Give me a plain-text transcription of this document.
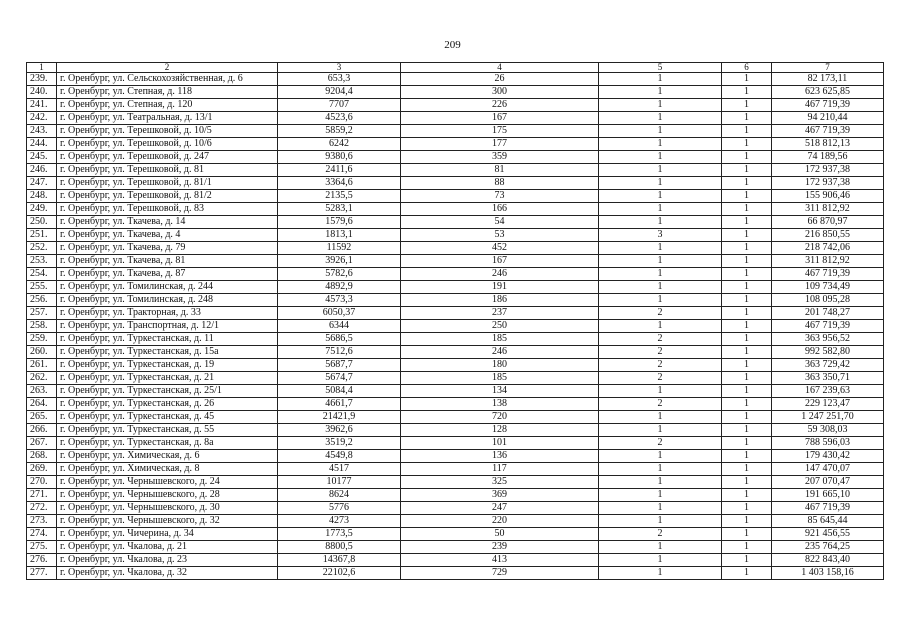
209
1	2	3	4	5	6	7
239.	г. Оренбург, ул. Сельскохозяйственная, д. 6	653,3	26	1	1	82 173,11
240.	г. Оренбург, ул. Степная, д. 118	9204,4	300	1	1	623 625,85
241.	г. Оренбург, ул. Степная, д. 120	7707	226	1	1	467 719,39
242.	г. Оренбург, ул. Театральная, д. 13/1	4523,6	167	1	1	94 210,44
243.	г. Оренбург, ул. Терешковой, д. 10/5	5859,2	175	1	1	467 719,39
244.	г. Оренбург, ул. Терешковой, д. 10/6	6242	177	1	1	518 812,13
245.	г. Оренбург, ул. Терешковой, д. 247	9380,6	359	1	1	74 189,56
246.	г. Оренбург, ул. Терешковой, д. 81	2411,6	81	1	1	172 937,38
247.	г. Оренбург, ул. Терешковой, д. 81/1	3364,6	88	1	1	172 937,38
248.	г. Оренбург, ул. Терешковой, д. 81/2	2135,5	73	1	1	155 906,46
249.	г. Оренбург, ул. Терешковой, д. 83	5283,1	166	1	1	311 812,92
250.	г. Оренбург, ул. Ткачева, д. 14	1579,6	54	1	1	66 870,97
251.	г. Оренбург, ул. Ткачева, д. 4	1813,1	53	3	1	216 850,55
252.	г. Оренбург, ул. Ткачева, д. 79	11592	452	1	1	218 742,06
253.	г. Оренбург, ул. Ткачева, д. 81	3926,1	167	1	1	311 812,92
254.	г. Оренбург, ул. Ткачева, д. 87	5782,6	246	1	1	467 719,39
255.	г. Оренбург, ул. Томилинская, д. 244	4892,9	191	1	1	109 734,49
256.	г. Оренбург, ул. Томилинская, д. 248	4573,3	186	1	1	108 095,28
257.	г. Оренбург, ул. Тракторная, д. 33	6050,37	237	2	1	201 748,27
258.	г. Оренбург, ул. Транспортная, д. 12/1	6344	250	1	1	467 719,39
259.	г. Оренбург, ул. Туркестанская, д. 11	5686,5	185	2	1	363 956,52
260.	г. Оренбург, ул. Туркестанская, д. 15а	7512,6	246	2	1	992 582,80
261.	г. Оренбург, ул. Туркестанская, д. 19	5687,7	180	2	1	363 729,42
262.	г. Оренбург, ул. Туркестанская, д. 21	5674,7	185	2	1	363 350,71
263.	г. Оренбург, ул. Туркестанская, д. 25/1	5084,4	134	1	1	167 239,63
264.	г. Оренбург, ул. Туркестанская, д. 26	4661,7	138	2	1	229 123,47
265.	г. Оренбург, ул. Туркестанская, д. 45	21421,9	720	1	1	1 247 251,70
266.	г. Оренбург, ул. Туркестанская, д. 55	3962,6	128	1	1	59 308,03
267.	г. Оренбург, ул. Туркестанская, д. 8а	3519,2	101	2	1	788 596,03
268.	г. Оренбург, ул. Химическая, д. 6	4549,8	136	1	1	179 430,42
269.	г. Оренбург, ул. Химическая, д. 8	4517	117	1	1	147 470,07
270.	г. Оренбург, ул. Чернышевского, д. 24	10177	325	1	1	207 070,47
271.	г. Оренбург, ул. Чернышевского, д. 28	8624	369	1	1	191 665,10
272.	г. Оренбург, ул. Чернышевского, д. 30	5776	247	1	1	467 719,39
273.	г. Оренбург, ул. Чернышевского, д. 32	4273	220	1	1	85 645,44
274.	г. Оренбург, ул. Чичерина, д. 34	1773,5	50	2	1	921 456,55
275.	г. Оренбург, ул. Чкалова, д. 21	8800,5	239	1	1	235 764,25
276.	г. Оренбург, ул. Чкалова, д. 23	14367,8	413	1	1	822 843,40
277.	г. Оренбург, ул. Чкалова, д. 32	22102,6	729	1	1	1 403 158,16
